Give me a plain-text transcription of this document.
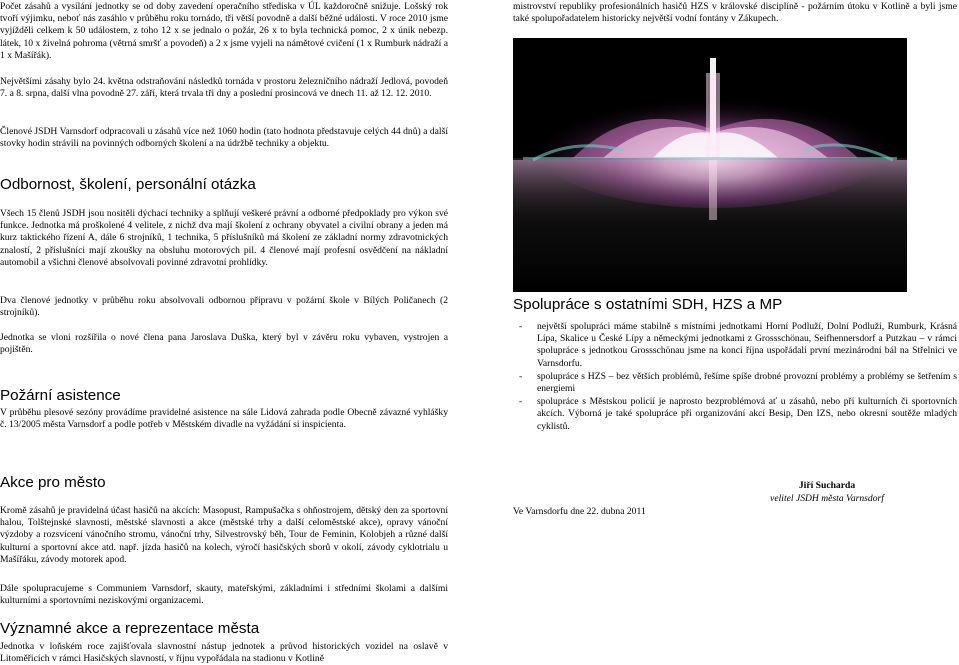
Počet zásahů a vysílání jednotky se od doby zavedení operačního střediska v ÚL každoročně snižuje. Lošský rok tvoří výjimku, neboť nás zasáhlo v průběhu roku tornádo, tři větší povodně a další běžné události. V roce 2010 jsme vyjížděli celkem k 50 událostem, z toho 12 x se jednalo o požár, 26 x to byla technická pomoc, 2 x únik nebezp. látek, 10 x živelná pohroma (větrná smršť a povodeň) a 2 x jsme vyjeli na námětové cvičení (1 x Rumburk nádraží a 1 x Mašířák).

Největšími zásahy bylo 24. května odstraňování následků tornáda v prostoru železničního nádraží Jedlová, povodeň 7. a 8. srpna, další vlna povodně 27. září, která trvala tři dny a poslední prosincová ve dnech 11. až 12. 12. 2010.

Členové JSDH Varnsdorf odpracovali u zásahů více než 1060 hodin (tato hodnota představuje celých 44 dnů) a další stovky hodin strávili na povinných odborných školení a na údržbě techniky a objektu.

Odbornost, školení, personální otázka

Všech 15 členů JSDH jsou nositěli dýchací techniky a splňují veškeré právní a odborné předpoklady pro výkon své funkce. Jednotka má proškolené 4 velitele, z nichž dva mají školení z ochrany obyvatel a civilní obrany a jeden má kurz taktického řízení A, dále 6 strojníků, 1 technika, 5 příslušníků má školení ze základní normy zdravotnických znalostí, 2 příslušníci mají zkoušky na obsluhu motorových pil. 4 členové mají profesní osvědčení na nákladní automobil a všichni členové absolvovali povinné zdravotní prohlídky.

Dva členové jednotky v průběhu roku absolvovali odbornou přípravu v požární škole v Bílých Poličanech (2 strojníků).

Jednotka se vloni rozšířila o nové člena pana Jaroslava Duška, který byl v závěru roku vybaven, vystrojen a pojištěn.

Požární asistence

V průběhu plesové sezóny provádíme pravidelné asistence na sále Lidová zahrada podle Obecně závazné vyhlášky č. 13/2005 města Varnsdorf a podle potřeb v Městském divadle na vyžádání si inspicienta.

Akce pro město

Kromě zásahů je pravidelná účast hasičů na akcích: Masopust, Rampušačka s ohňostrojem, dětský den za sportovní halou, Tolštejnské slavnosti, městské slavnosti a akce (městské trhy a další celoměstské akce), opravy vánoční výzdoby a rozsvícení vánočního stromu, vánoční trhy, Silvestrovský běh, Tour de Feminin, Kolobjeh a různé další kulturní a sportovní akce atd. např. jízda hasičů na kolech, výročí hasičských sborů v okolí, závody cyklotrialu u Mašířáku, závody motorek apod.

Dále spolupracujeme s Communiem Varnsdorf, skauty, mateřskými, základními i středními školami a dalšími kulturními a sportovními neziskovými organizacemi.

Významné akce a reprezentace města

Jednotka v loňském roce zajišťovala slavnostní nástup jednotek a průvod historických vozidel na oslavě v Litoměřicích v rámci Hasičských slavností, v říjnu vypořádala na stadionu v Kotlině

mistrovství republiky profesionálních hasičů HZS v královské disciplíně - požárním útoku v Kotlině a byli jsme také spolupořadatelem historicky největší vodní fontány v Zákupech.

Spolupráce s ostatními SDH, HZS a MP
- největší spolupráci máme stabilně s místními jednotkami Horní Podluží, Dolní Podluží, Rumburk, Krásná Lípa, Skalice u České Lípy a německými jednotkami z Grossschönau, Seifhennersdorf a Putzkau – v rámci spolupráce s jednotkou Grossschönau jsme na konci října uspořádali první mezinárodní bál na Střelnici ve Varnsdorfu.
- spolupráce s HZS – bez větších problémů, řešíme spíše drobné provozní problémy a problémy se šetřením s energiemi
- spolupráce s Městskou policií je naprosto bezproblémová ať u zásahů, nebo při kulturních či sportovních akcích. Výborná je také spolupráce při organizování akcí Besip, Den IZS, nebo okresní soutěže mladých cyklistů.
Ve Varnsdorfu dne 22. dubna 2011
Jiří Sucharda
velitel JSDH města Varnsdorf
